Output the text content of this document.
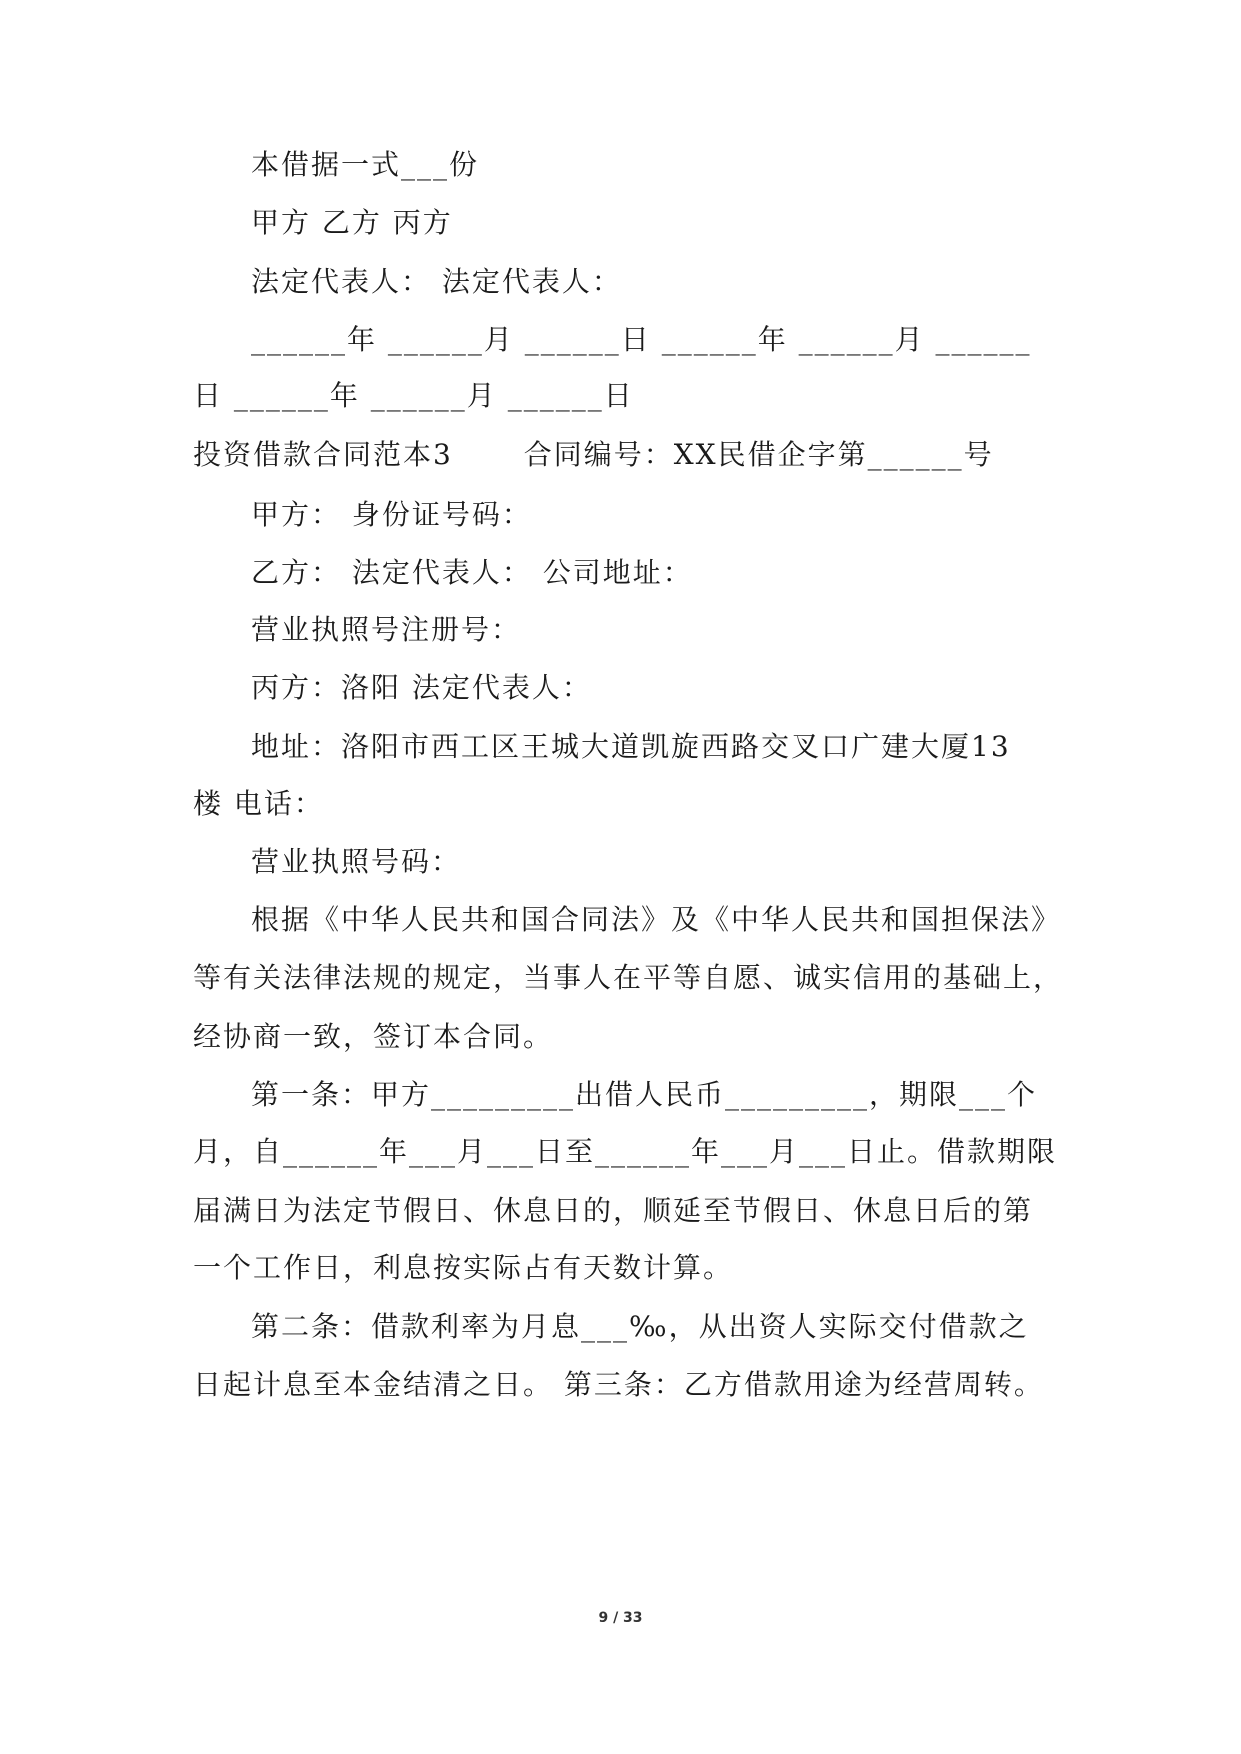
本借据一式___份
甲方 乙方 丙方
法定代表人： 法定代表人：
______年 ______月 ______日 ______年 ______月 ______
日 ______年 ______月 ______日
投资借款合同范本3　　 合同编号：XX民借企字第______号
甲方： 身份证号码：
乙方： 法定代表人： 公司地址：
营业执照号注册号：
丙方：洛阳 法定代表人：
地址：洛阳市西工区王城大道凯旋西路交叉口广建大厦13
楼 电话：
营业执照号码：
根据《中华人民共和国合同法》及《中华人民共和国担保法》
等有关法律法规的规定，当事人在平等自愿、诚实信用的基础上，
经协商一致，签订本合同。
第一条：甲方_________出借人民币_________，期限___个
月，自______年___月___日至______年___月___日止。借款期限
届满日为法定节假日、休息日的，顺延至节假日、休息日后的第
一个工作日，利息按实际占有天数计算。
第二条：借款利率为月息___‰，从出资人实际交付借款之
日起计息至本金结清之日。 第三条：乙方借款用途为经营周转。
9 / 33
